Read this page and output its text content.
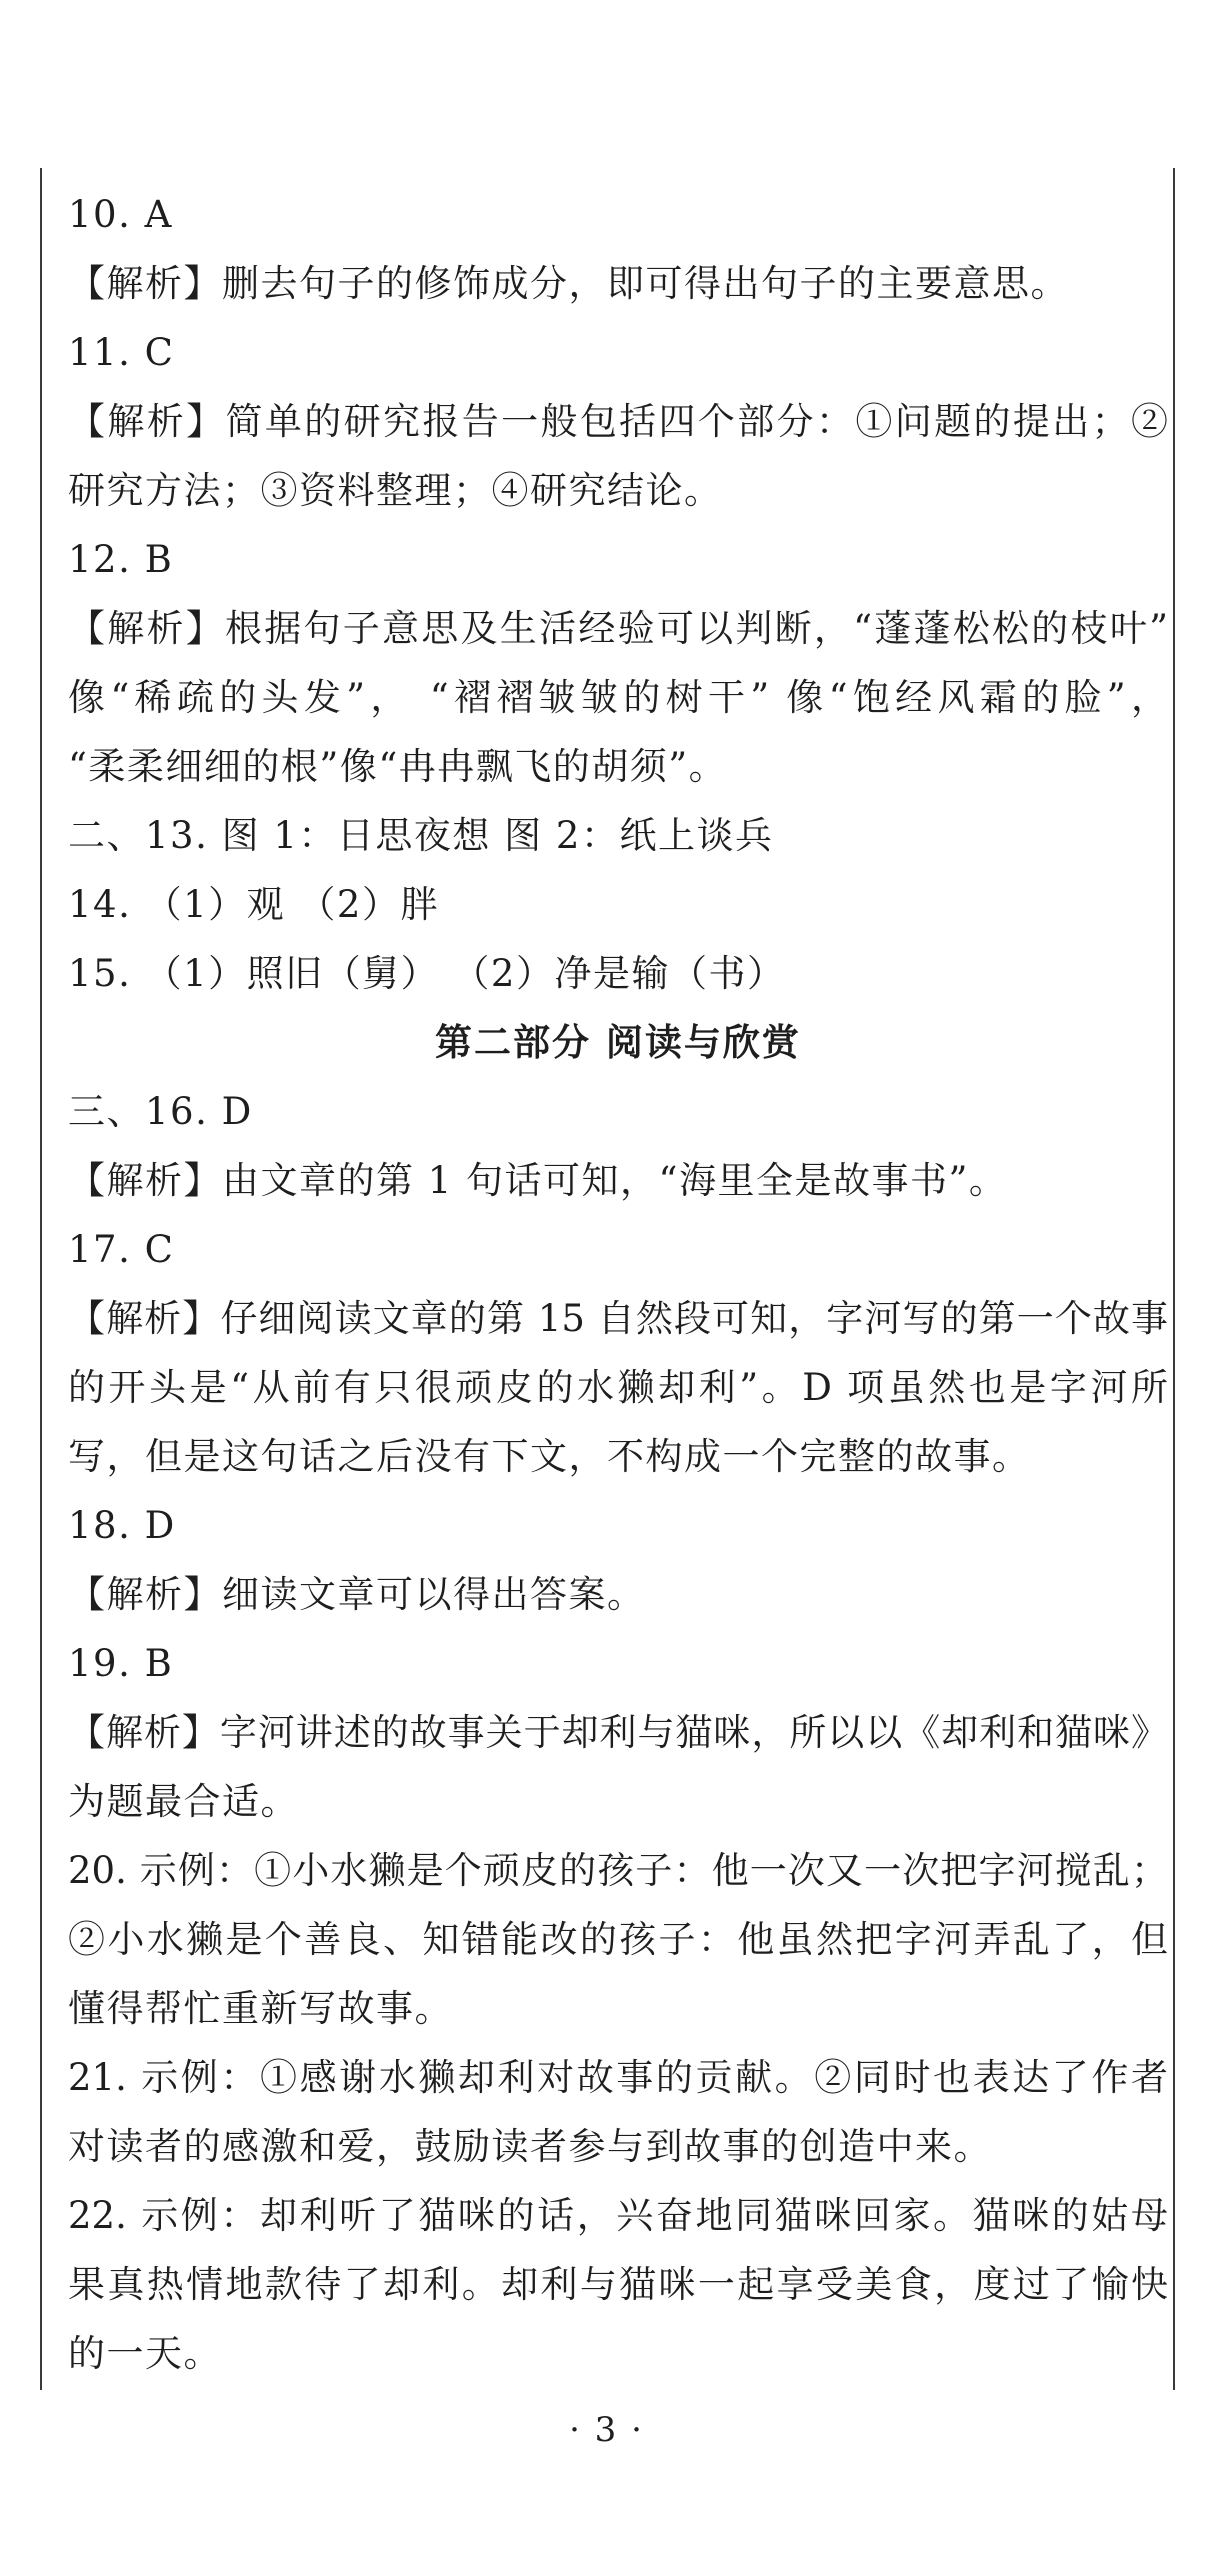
10. A
【解析】删去句子的修饰成分，即可得出句子的主要意思。
11. C
【解析】简单的研究报告一般包括四个部分：①问题的提出；②
研究方法；③资料整理；④研究结论。
12. B
【解析】根据句子意思及生活经验可以判断，“蓬蓬松松的枝叶”
像“稀疏的头发”， “褶褶皱皱的树干” 像“饱经风霜的脸”，
“柔柔细细的根”像“冉冉飘飞的胡须”。
二、13. 图 1：日思夜想 图 2：纸上谈兵
14. （1）观 （2）胖
15. （1）照旧（舅） （2）净是输（书）
第二部分 阅读与欣赏
三、16. D
【解析】由文章的第 1 句话可知，“海里全是故事书”。
17. C
【解析】仔细阅读文章的第 15 自然段可知，字河写的第一个故事
的开头是“从前有只很顽皮的水獭却利”。D 项虽然也是字河所
写，但是这句话之后没有下文，不构成一个完整的故事。
18. D
【解析】细读文章可以得出答案。
19. B
【解析】字河讲述的故事关于却利与猫咪，所以以《却利和猫咪》
为题最合适。
20. 示例：①小水獭是个顽皮的孩子：他一次又一次把字河搅乱；
②小水獭是个善良、知错能改的孩子：他虽然把字河弄乱了，但
懂得帮忙重新写故事。
21. 示例：①感谢水獭却利对故事的贡献。②同时也表达了作者
对读者的感激和爱，鼓励读者参与到故事的创造中来。
22. 示例：却利听了猫咪的话，兴奋地同猫咪回家。猫咪的姑母
果真热情地款待了却利。却利与猫咪一起享受美食，度过了愉快
的一天。
· 3 ·
